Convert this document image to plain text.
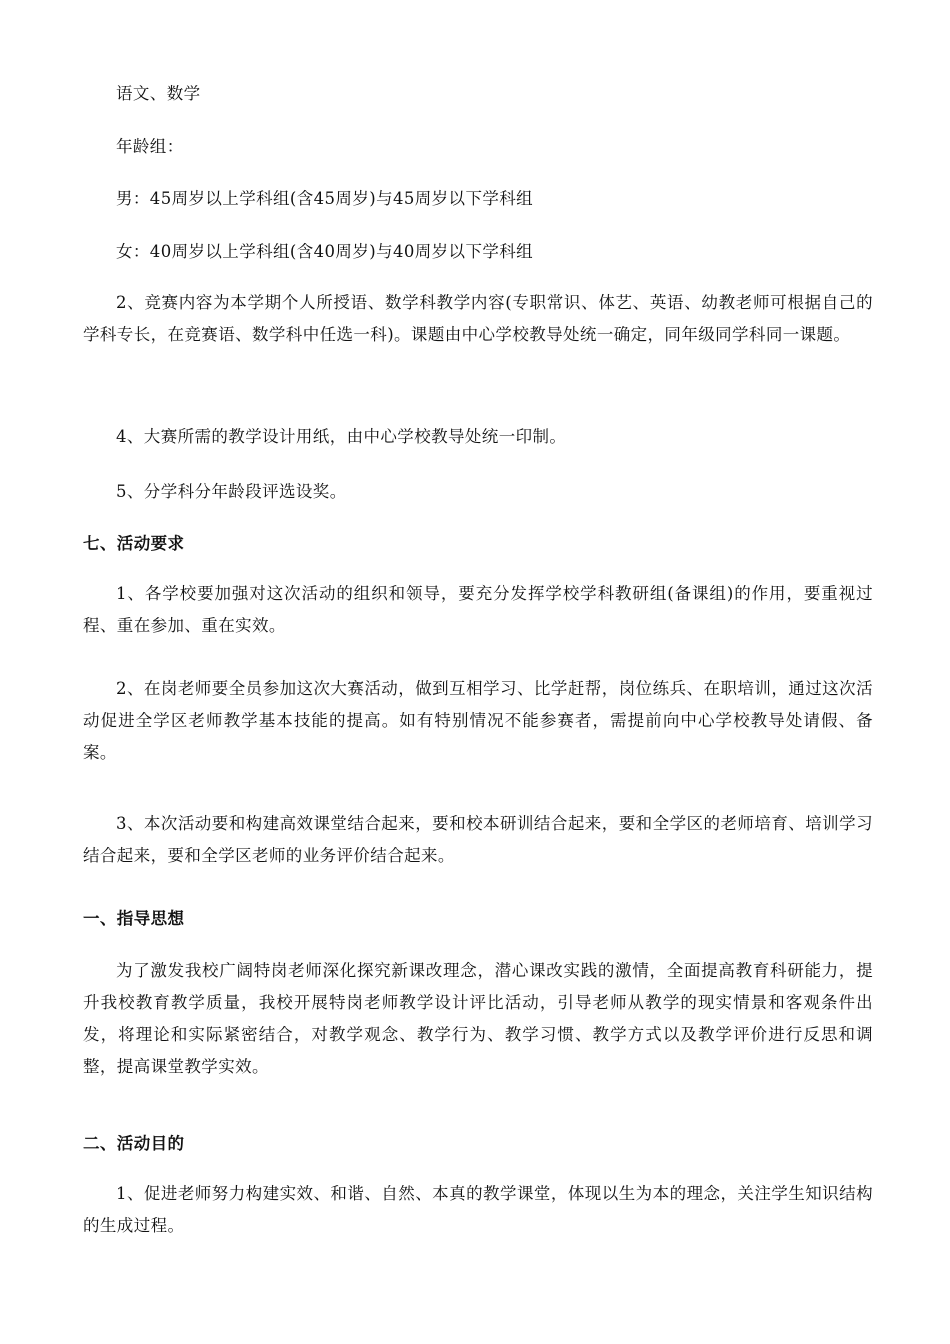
语文、数学

年龄组：

男：45周岁以上学科组(含45周岁)与45周岁以下学科组

女：40周岁以上学科组(含40周岁)与40周岁以下学科组

2、竞赛内容为本学期个人所授语、数学科教学内容(专职常识、体艺、英语、幼教老师可根据自己的学科专长，在竞赛语、数学科中任选一科)。课题由中心学校教导处统一确定，同年级同学科同一课题。

4、大赛所需的教学设计用纸，由中心学校教导处统一印制。

5、分学科分年龄段评选设奖。

七、活动要求

1、各学校要加强对这次活动的组织和领导，要充分发挥学校学科教研组(备课组)的作用，要重视过程、重在参加、重在实效。

2、在岗老师要全员参加这次大赛活动，做到互相学习、比学赶帮，岗位练兵、在职培训，通过这次活动促进全学区老师教学基本技能的提高。如有特别情况不能参赛者，需提前向中心学校教导处请假、备案。

3、本次活动要和构建高效课堂结合起来，要和校本研训结合起来，要和全学区的老师培育、培训学习结合起来，要和全学区老师的业务评价结合起来。

一、指导思想

为了激发我校广阔特岗老师深化探究新课改理念，潜心课改实践的激情，全面提高教育科研能力，提升我校教育教学质量，我校开展特岗老师教学设计评比活动，引导老师从教学的现实情景和客观条件出发，将理论和实际紧密结合，对教学观念、教学行为、教学习惯、教学方式以及教学评价进行反思和调整，提高课堂教学实效。

二、活动目的

1、促进老师努力构建实效、和谐、自然、本真的教学课堂，体现以生为本的理念，关注学生知识结构的生成过程。
